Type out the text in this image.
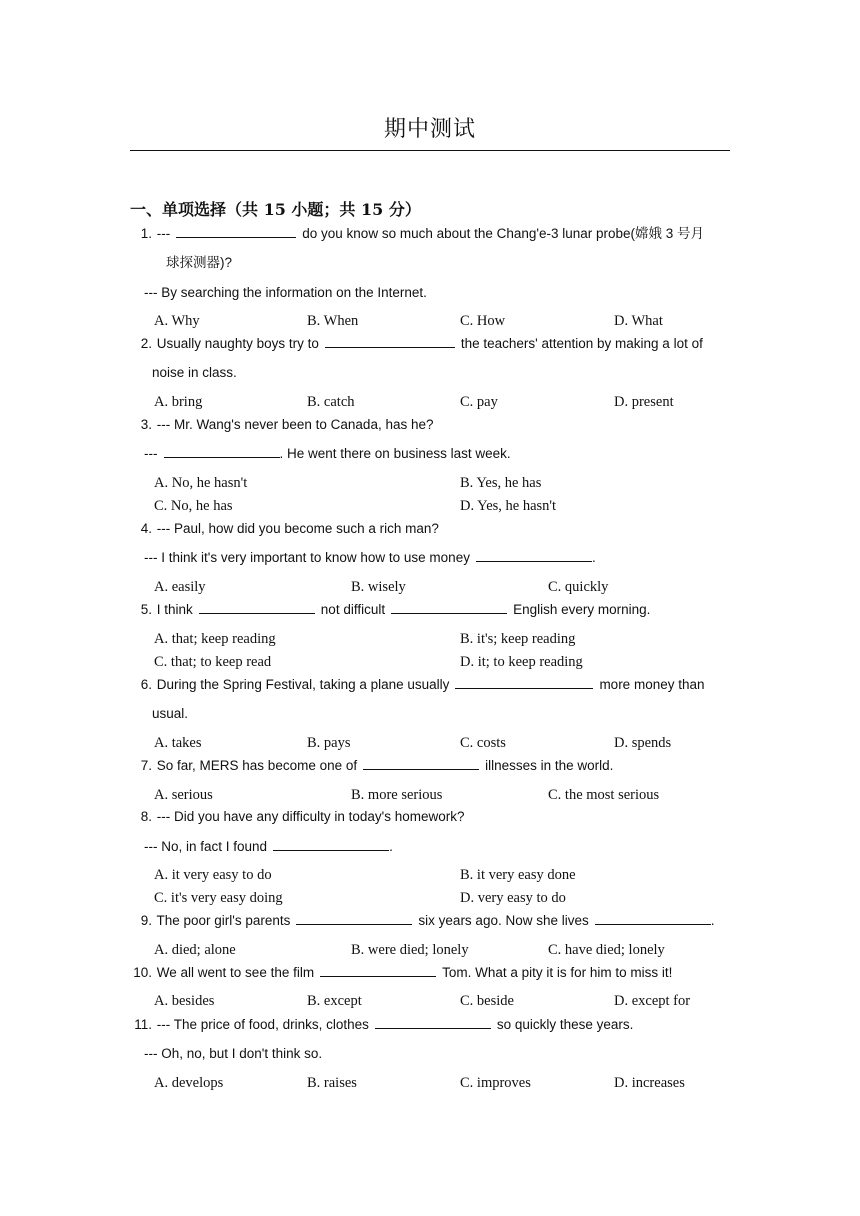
期中测试
一、单项选择（共 15 小题；共 15 分）
1. ---	do you know so much about the Chang'e-3 lunar probe(嫦娥 3 号月
球探测器)?
--- By searching the information on the Internet.
A. Why	B. When	C. How	D. What
2. Usually naughty boys try to	the teachers' attention by making a lot of
noise in class.
A. bring	B. catch	C. pay	D. present
3. --- Mr. Wang's never been to Canada, has he?
---	. He went there on business last week.
A. No, he hasn't	B. Yes, he has
C. No, he has	D. Yes, he hasn't
4. --- Paul, how did you become such a rich man?
--- I think it's very important to know how to use money	.
A. easily	B. wisely	C. quickly
5. I think	not difficult	English every morning.
A. that; keep reading	B. it's; keep reading
C. that; to keep read	D. it; to keep reading
6. During the Spring Festival, taking a plane usually	more money than
usual.
A. takes	B. pays	C. costs	D. spends
7. So far, MERS has become one of	illnesses in the world.
A. serious	B. more serious	C. the most serious
8. --- Did you have any difficulty in today's homework?
--- No, in fact I found	.
A. it very easy to do	B. it very easy done
C. it's very easy doing	D. very easy to do
9. The poor girl's parents	six years ago. Now she lives	.
A. died; alone	B. were died; lonely	C. have died; lonely
10. We all went to see the film	Tom. What a pity it is for him to miss it!
A. besides	B. except	C. beside	D. except for
11. --- The price of food, drinks, clothes	so quickly these years.
--- Oh, no, but I don't think so.
A. develops	B. raises	C. improves	D. increases
